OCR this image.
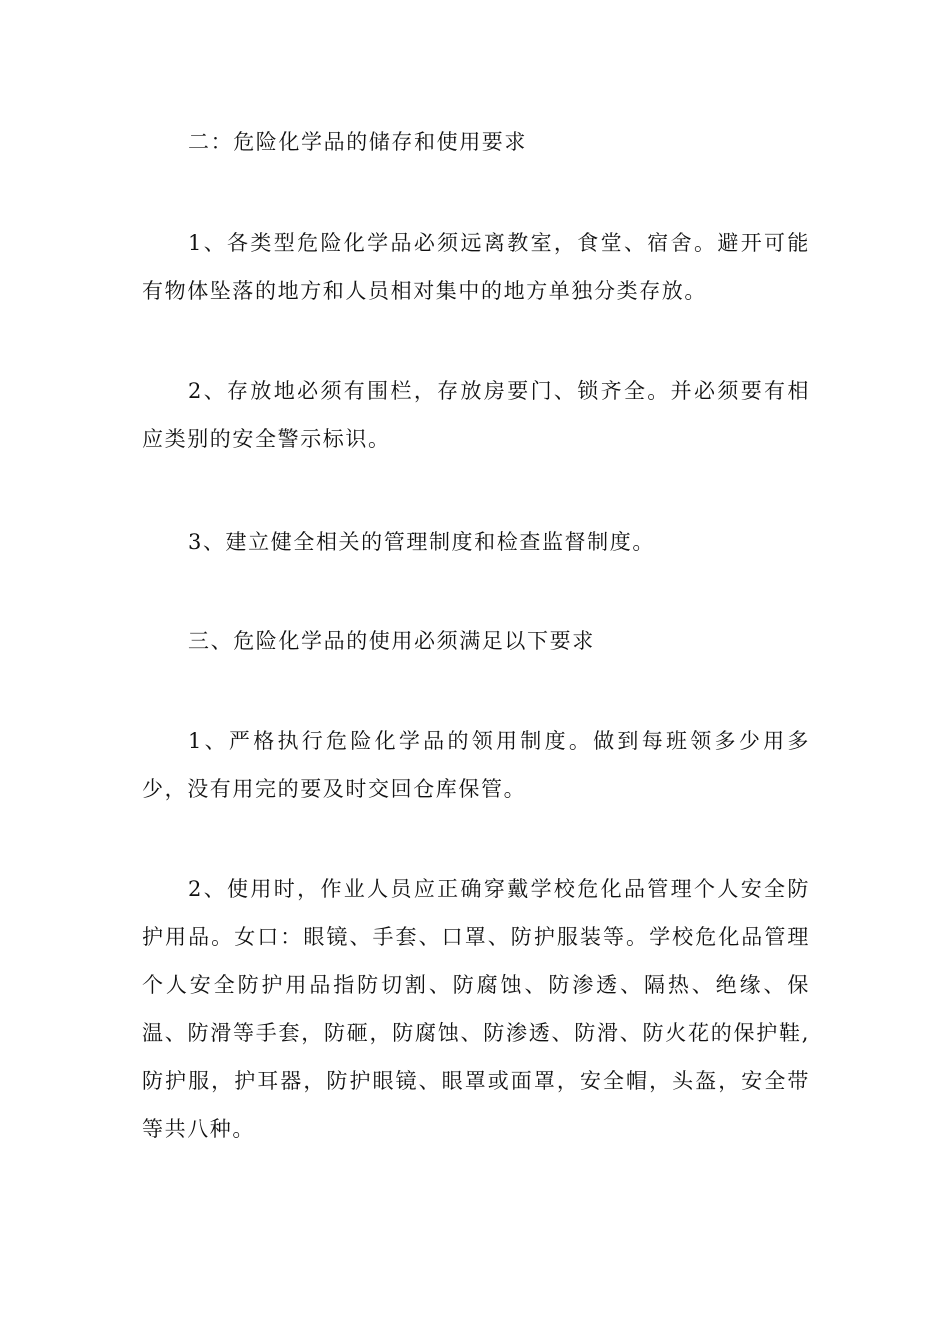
二：危险化学品的储存和使用要求

1、各类型危险化学品必须远离教室，食堂、宿舍。避开可能有物体坠落的地方和人员相对集中的地方单独分类存放。

2、存放地必须有围栏，存放房要门、锁齐全。并必须要有相应类别的安全警示标识。

3、建立健全相关的管理制度和检查监督制度。

三、危险化学品的使用必须满足以下要求

1、严格执行危险化学品的领用制度。做到每班领多少用多少，没有用完的要及时交回仓库保管。

2、使用时，作业人员应正确穿戴学校危化品管理个人安全防护用品。女口：眼镜、手套、口罩、防护服装等。学校危化品管理个人安全防护用品指防切割、防腐蚀、防渗透、隔热、绝缘、保温、防滑等手套，防砸，防腐蚀、防渗透、防滑、防火花的保护鞋,防护服，护耳器，防护眼镜、眼罩或面罩，安全帽，头盔，安全带等共八种。
